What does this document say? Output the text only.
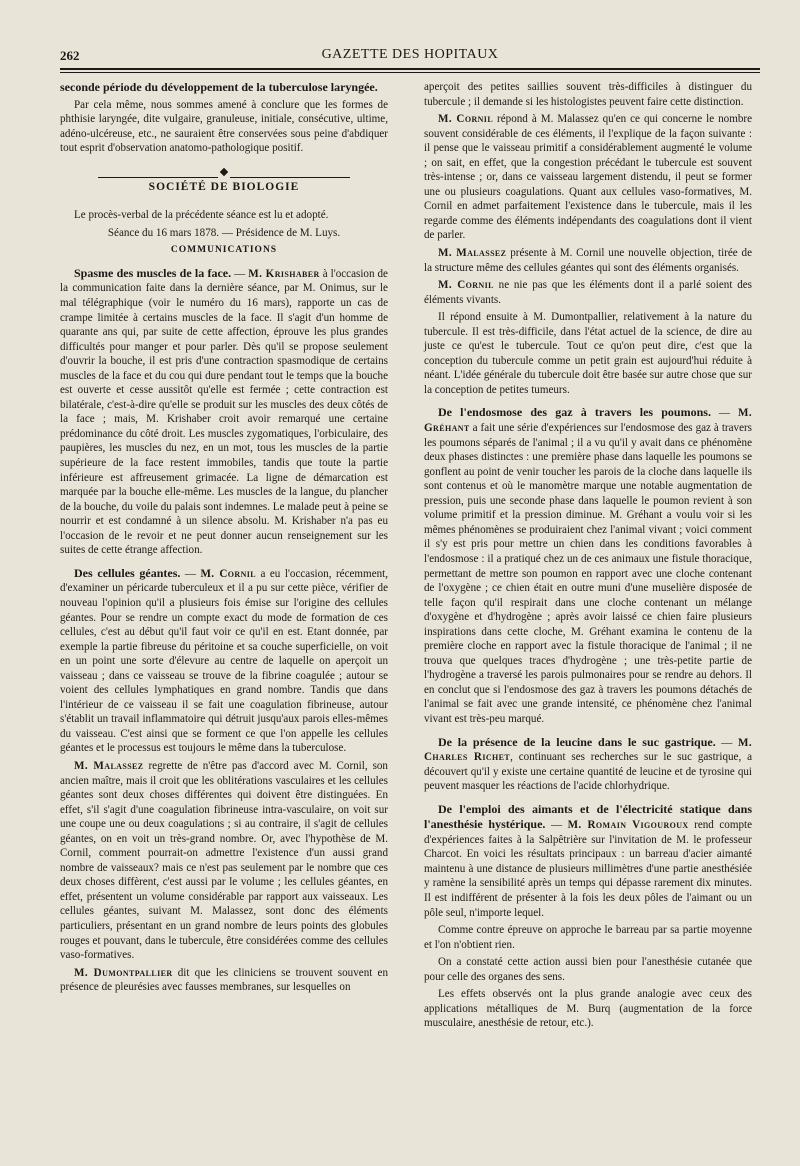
262	GAZETTE DES HOPITAUX

seconde période du développement de la tuberculose laryngée.

Par cela même, nous sommes amené à conclure que les formes de phthisie laryngée, dite vulgaire, granuleuse, initiale, consécutive, ultime, adéno-ulcéreuse, etc., ne sauraient être conservées sous peine d'abdiquer tout esprit d'observation anatomo-pathologique positif.

SOCIÉTÉ DE BIOLOGIE

Le procès-verbal de la précédente séance est lu et adopté.

Séance du 16 mars 1878. — Présidence de M. Luys.

COMMUNICATIONS

Spasme des muscles de la face. — M. Krishaber à l'occasion de la communication faite dans la dernière séance, par M. Onimus, sur le mal télégraphique (voir le numéro du 16 mars), rapporte un cas de crampe limitée à certains muscles de la face. Il s'agit d'un homme de quarante ans qui, par suite de cette affection, éprouve les plus grandes difficultés pour manger et pour parler. Dès qu'il se propose seulement d'ouvrir la bouche, il est pris d'une contraction spasmodique de certains muscles de la face et du cou qui dure pendant tout le temps que la bouche est ouverte et cesse aussitôt qu'elle est fermée ; cette contraction est bilatérale, c'est-à-dire qu'elle se produit sur les muscles des deux côtés de la face ; mais, M. Krishaber croit avoir remarqué une certaine prédominance du côté droit. Les muscles zygomatiques, l'orbiculaire, des paupières, les muscles du nez, en un mot, tous les muscles de la partie supérieure de la face restent immobiles, tandis que toute la partie inférieure est affreusement grimacée. La ligne de démarcation est marquée par la bouche elle-même. Les muscles de la langue, du plancher de la bouche, du voile du palais sont indemnes. Le malade peut à peine se nourrir et est condamné à un silence absolu. M. Krishaber n'a pas eu l'occasion de le revoir et ne peut donner aucun renseignement sur les suites de cette étrange affection.

Des cellules géantes. — M. Cornil a eu l'occasion, récemment, d'examiner un péricarde tuberculeux et il a pu sur cette pièce, vérifier de nouveau l'opinion qu'il a plusieurs fois émise sur l'origine des cellules géantes. Pour se rendre un compte exact du mode de formation de ces cellules, c'est au début qu'il faut voir ce qu'il en est. Etant donnée, par exemple la partie fibreuse du péritoine et sa couche superficielle, on voit en un point une sorte d'élevure au centre de laquelle on aperçoit un vaisseau ; dans ce vaisseau se trouve de la fibrine coagulée ; autour se voient des cellules lymphatiques en grand nombre. Tandis que dans l'intérieur de ce vaisseau il se fait une coagulation fibrineuse, autour s'établit un travail inflammatoire qui détruit jusqu'aux parois elles-mêmes du vaisseau. C'est ainsi que se forment ce que l'on appelle les cellules géantes et le processus est toujours le même dans la tuberculose.

M. Malassez regrette de n'être pas d'accord avec M. Cornil, son ancien maître, mais il croit que les oblitérations vasculaires et les cellules géantes sont deux choses différentes qui doivent être distinguées. En effet, s'il s'agit d'une coagulation fibrineuse intra-vasculaire, on voit sur une coupe une ou deux coagulations ; si au contraire, il s'agit de cellules géantes, on en voit un très-grand nombre. Or, avec l'hypothèse de M. Cornil, comment pourrait-on admettre l'existence d'un aussi grand nombre de vaisseaux? mais ce n'est pas seulement par le nombre que ces deux choses diffèrent, c'est aussi par le volume ; les cellules géantes, en effet, présentent un volume considérable par rapport aux vaisseaux. Les cellules géantes, suivant M. Malassez, sont donc des éléments particuliers, présentant en un grand nombre de leurs points des globules rouges et pouvant, dans le tubercule, être considérées comme des cellules vaso-formatives.

M. Dumontpallier dit que les cliniciens se trouvent souvent en présence de pleurésies avec fausses membranes, sur lesquelles on

aperçoit des petites saillies souvent très-difficiles à distinguer du tubercule ; il demande si les histologistes peuvent faire cette distinction.

M. Cornil répond à M. Malassez qu'en ce qui concerne le nombre souvent considérable de ces éléments, il l'explique de la façon suivante : il pense que le vaisseau primitif a considérablement augmenté le volume ; on sait, en effet, que la congestion précédant le tubercule est souvent très-intense ; or, dans ce vaisseau largement distendu, il peut se former une ou plusieurs coagulations. Quant aux cellules vaso-formatives, M. Cornil en admet parfaitement l'existence dans le tubercule, mais il les regarde comme des éléments indépendants des coagulations dont il vient de parler.

M. Malassez présente à M. Cornil une nouvelle objection, tirée de la structure même des cellules géantes qui sont des éléments organisés.

M. Cornil ne nie pas que les éléments dont il a parlé soient des éléments vivants.

Il répond ensuite à M. Dumontpallier, relativement à la nature du tubercule. Il est très-difficile, dans l'état actuel de la science, de dire au juste ce qu'est le tubercule. Tout ce qu'on peut dire, c'est que la conception du tubercule comme un petit grain est aujourd'hui réduite à néant. L'idée générale du tubercule doit être basée sur autre chose que sur la conception de petites tumeurs.

De l'endosmose des gaz à travers les poumons. — M. Gréhant a fait une série d'expériences sur l'endosmose des gaz à travers les poumons séparés de l'animal ; il a vu qu'il y avait dans ce phénomène deux phases distinctes : une première phase dans laquelle les poumons se gonflent au point de venir toucher les parois de la cloche dans laquelle ils sont contenus et où le manomètre marque une notable augmentation de pression, puis une seconde phase dans laquelle le poumon revient à son volume primitif et la pression diminue. M. Gréhant a voulu voir si les mêmes phénomènes se produiraient chez l'animal vivant ; voici comment il s'y est pris pour mettre un chien dans les conditions favorables à l'endosmose : il a pratiqué chez un de ces animaux une fistule thoracique, permettant de mettre son poumon en rapport avec une cloche contenant de l'oxygène ; ce chien était en outre muni d'une muselière disposée de telle façon qu'il respirait dans une cloche contenant un mélange d'oxygène et d'hydrogène ; après avoir laissé ce chien faire plusieurs inspirations dans cette cloche, M. Gréhant examina le contenu de la première cloche en rapport avec la fistule thoracique de l'animal ; il ne trouva que quelques traces d'hydrogène ; une très-petite partie de l'hydrogène a traversé les parois pulmonaires pour se rendre au dehors. Il en conclut que si l'endosmose des gaz à travers les poumons détachés de l'animal se fait avec une grande intensité, ce phénomène chez l'animal vivant est très-peu marqué.

De la présence de la leucine dans le suc gastrique. — M. Charles Richet, continuant ses recherches sur le suc gastrique, a découvert qu'il y existe une certaine quantité de leucine et de tyrosine qui peuvent masquer les réactions de l'acide chlorhydrique.

De l'emploi des aimants et de l'électricité statique dans l'anesthésie hystérique. — M. Romain Vigouroux rend compte d'expériences faites à la Salpêtrière sur l'invitation de M. le professeur Charcot. En voici les résultats principaux : un barreau d'acier aimanté maintenu à une distance de plusieurs millimètres d'une partie anesthésiée y ramène la sensibilité après un temps qui dépasse rarement dix minutes. Il est indifférent de présenter à la fois les deux pôles de l'aimant ou un pôle seul, n'importe lequel.

Comme contre épreuve on approche le barreau par sa partie moyenne et l'on n'obtient rien.

On a constaté cette action aussi bien pour l'anesthésie cutanée que pour celle des organes des sens.

Les effets observés ont la plus grande analogie avec ceux des applications métalliques de M. Burq (augmentation de la force musculaire, anesthésie de retour, etc.).
